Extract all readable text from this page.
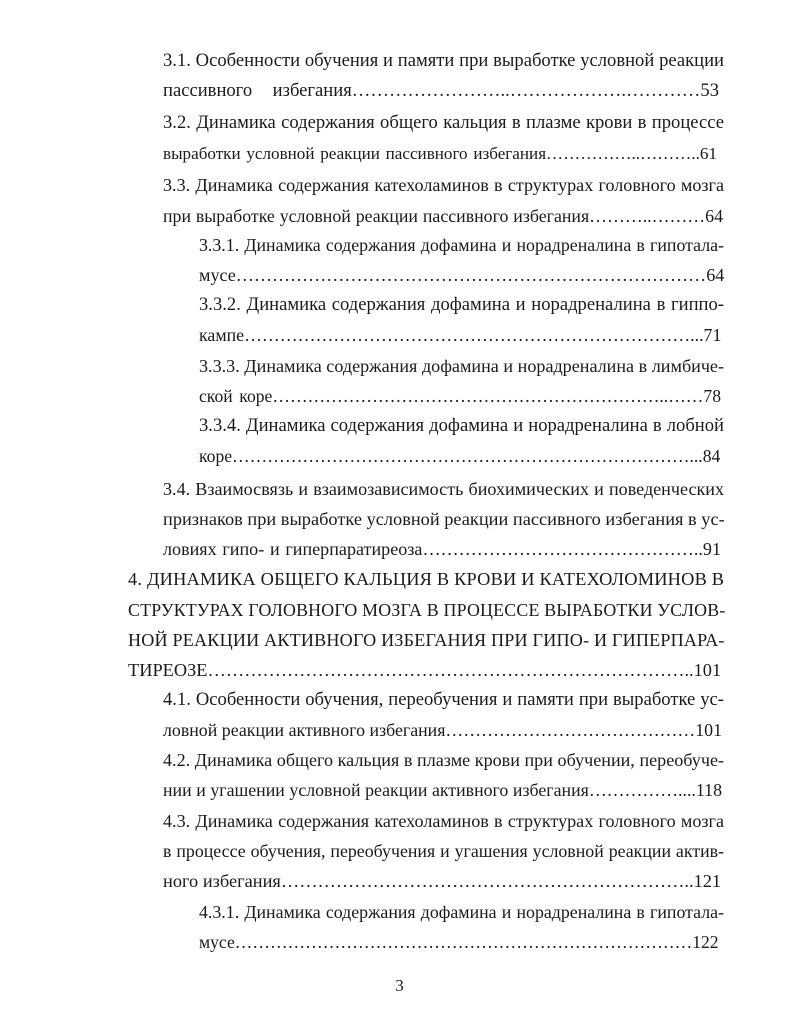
3.1. Особенности обучения и памяти при выработке условной реакции
пассивного избегания……………………..……………….…………53
3.2. Динамика содержания общего кальция в плазме крови в процессе
выработки условной реакции пассивного избегания……………..………..61
3.3. Динамика содержания катехоламинов в структурах головного мозга
при выработке условной реакции пассивного избегания………..………64
3.3.1. Динамика содержания дофамина и норадреналина в гипотала-
мусе……………………………………………………………………64
3.3.2. Динамика содержания дофамина и норадреналина в гиппо-
кампе…………………………………………………………………...71
3.3.3. Динамика содержания дофамина и норадреналина в лимбиче-
ской коре…………………………………………………………..……78
3.3.4. Динамика содержания дофамина и норадреналина в лобной
коре……………………………………………………………………...84
3.4. Взаимосвязь и взаимозависимость биохимических и поведенческих
признаков при выработке условной реакции пассивного избегания в ус-
ловиях гипо- и гиперпаратиреоза………………………………………..91
4. ДИНАМИКА ОБЩЕГО КАЛЬЦИЯ В КРОВИ И КАТЕХОЛОМИНОВ В
СТРУКТУРАХ ГОЛОВНОГО МОЗГА В ПРОЦЕССЕ ВЫРАБОТКИ УСЛОВ-
НОЙ РЕАКЦИИ АКТИВНОГО ИЗБЕГАНИЯ ПРИ ГИПО- И ГИПЕРПАРА-
ТИРЕОЗЕ……………………………………………………………………..101
4.1. Особенности обучения, переобучения и памяти при выработке ус-
ловной реакции активного избегания……………………………………101
4.2. Динамика общего кальция в плазме крови при обучении, переобуче-
нии и угашении условной реакции активного избегания……………....118
4.3. Динамика содержания катехоламинов в структурах головного мозга
в процессе обучения, переобучения и угашения условной реакции актив-
ного избегания…………………………………………………………..121
4.3.1. Динамика содержания дофамина и норадреналина в гипотала-
мусе……………………………………………………………………122
3
